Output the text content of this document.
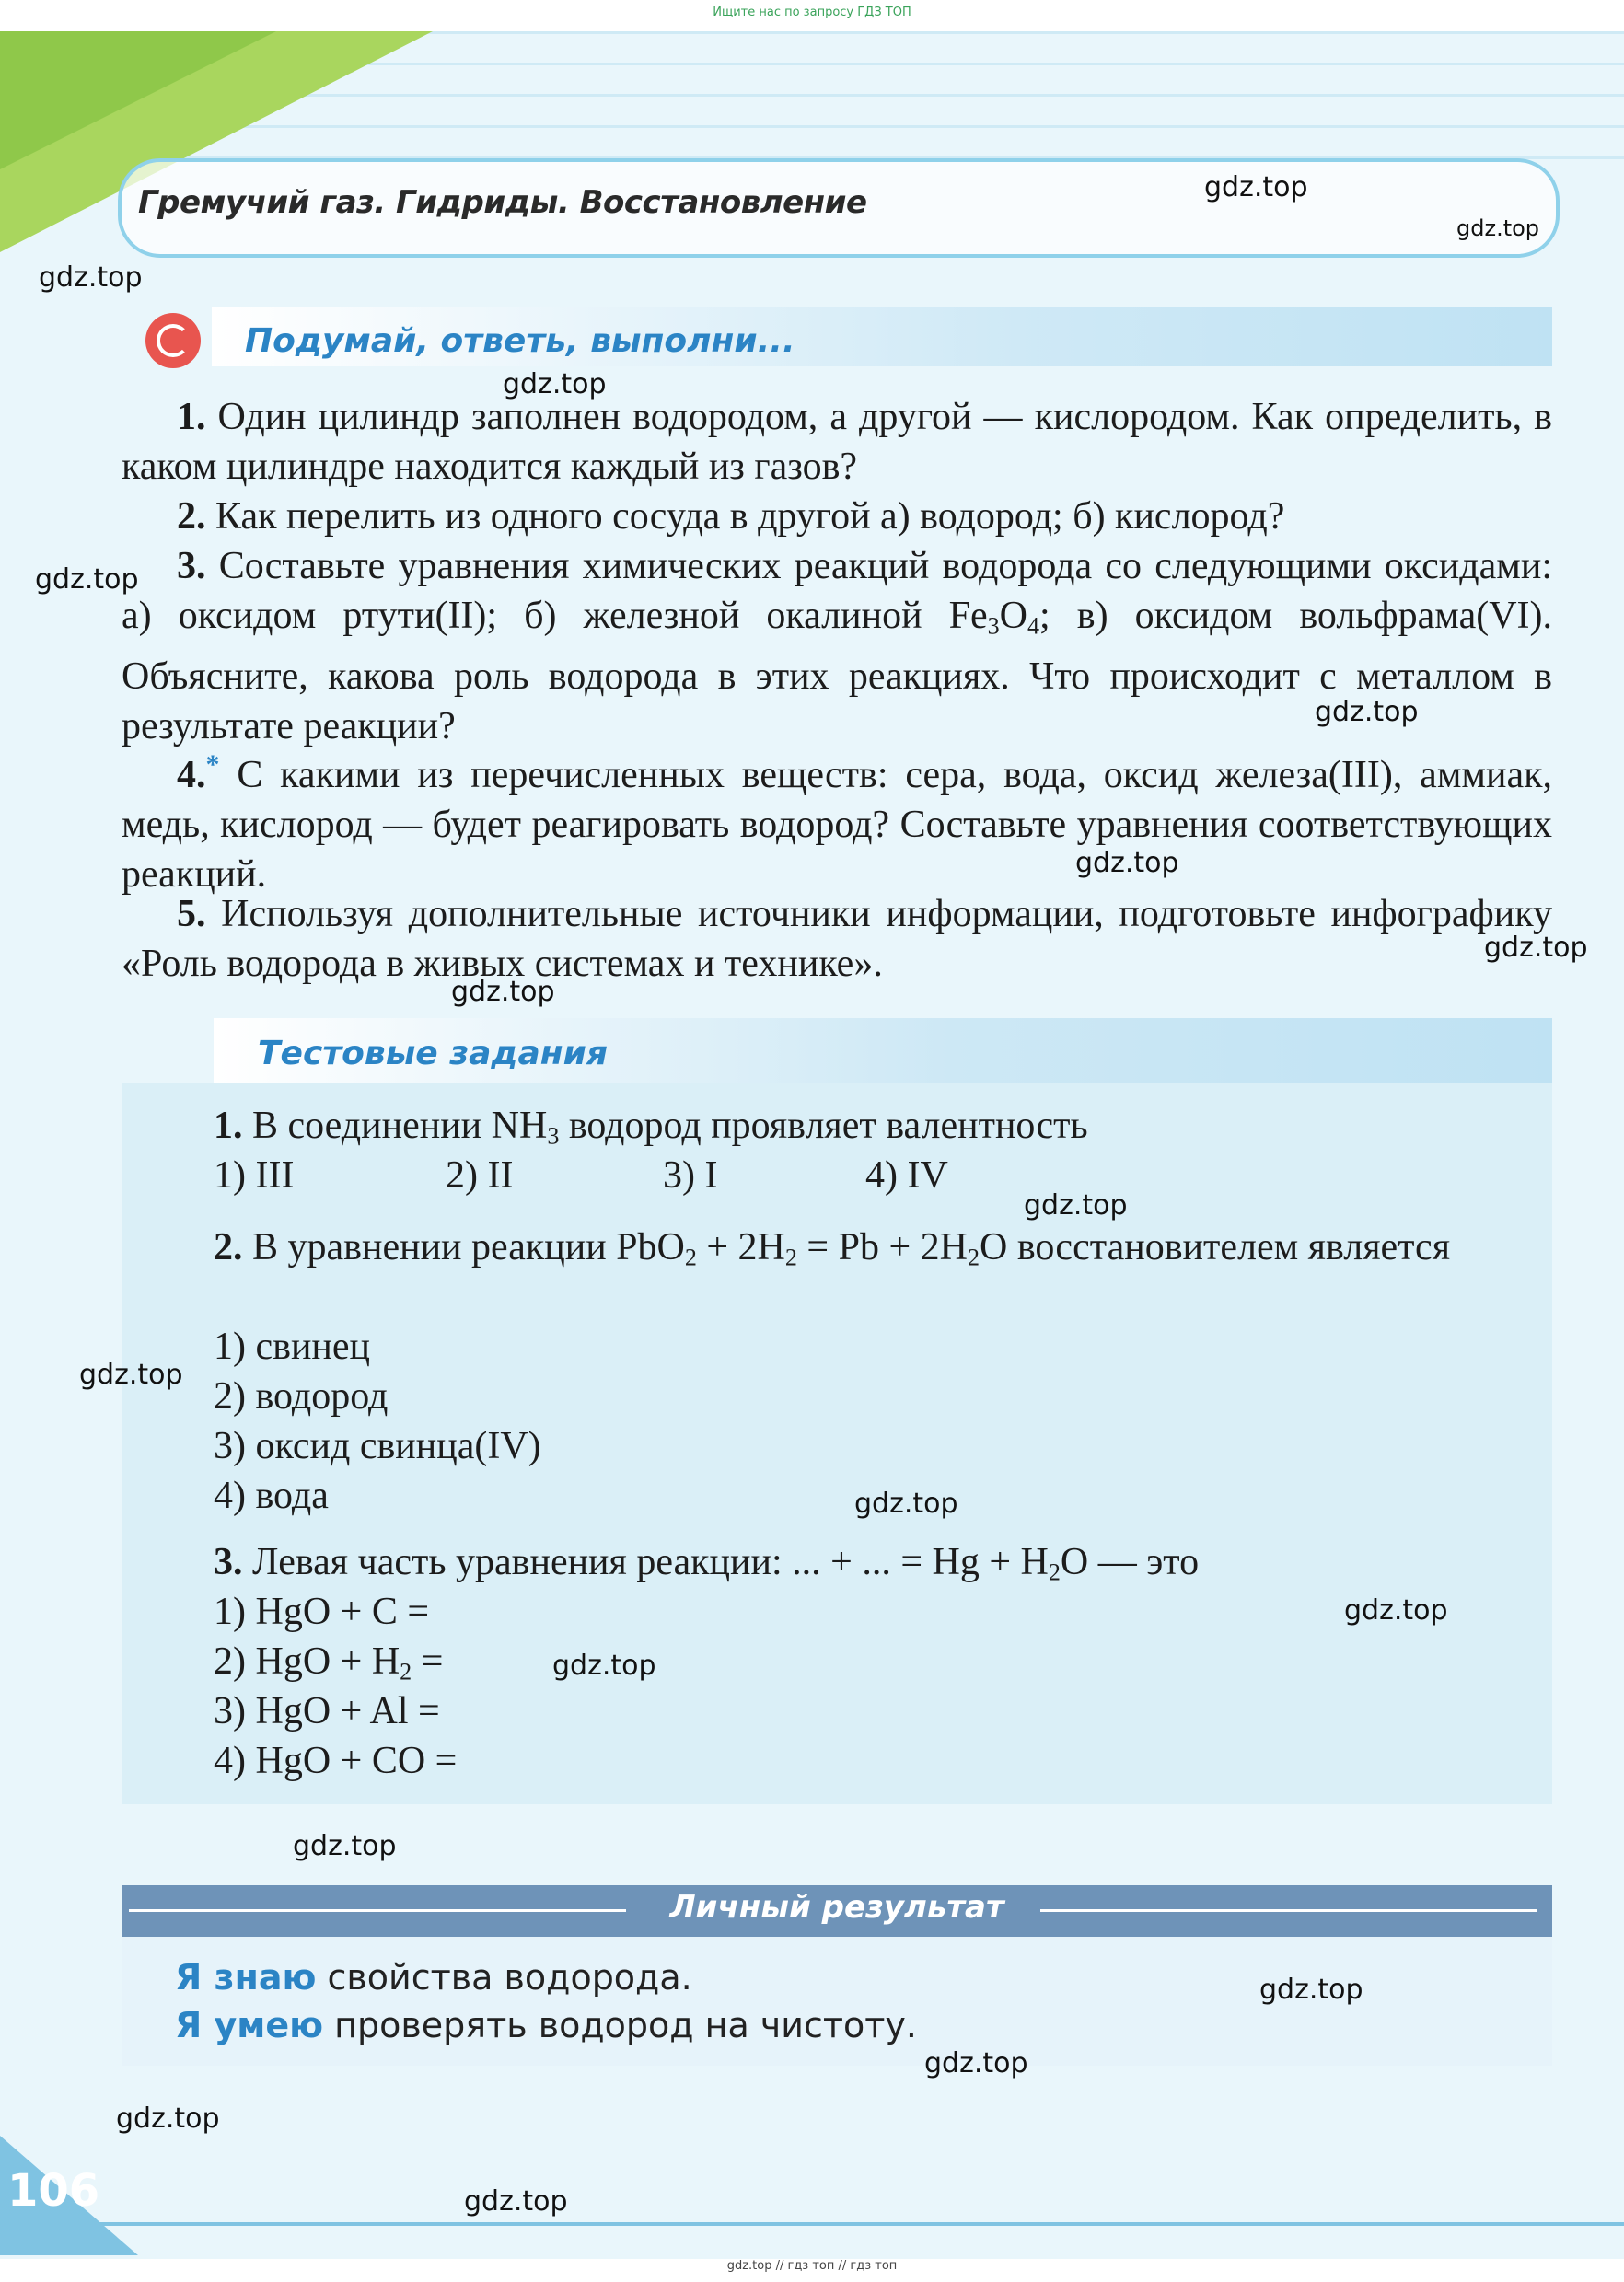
Ищите нас по запросу ГДЗ ТОП
Гремучий газ. Гидриды. Восстановление
Подумай, ответь, выполни...
1. Один цилиндр заполнен водородом, а другой — кислородом. Как определить, в каком цилиндре находится каждый из газов?
2. Как перелить из одного сосуда в другой а) водород; б) кислород?
3. Составьте уравнения химических реакций водорода со следующими оксидами: а) оксидом ртути(II); б) железной окалиной $Fe_3O_4$; в) оксидом вольфрама(VI). Объясните, какова роль водорода в этих реакциях. Что происходит с металлом в результате реакции?
4.* С какими из перечисленных веществ: сера, вода, оксид железа(III), аммиак, медь, кислород — будет реагировать водород? Составьте уравнения соответствующих реакций.
5. Используя дополнительные источники информации, подготовьте инфографику «Роль водорода в живых системах и технике».
Тестовые задания
1. В соединении $NH_3$ водород проявляет валентность
1) III	2) II	3) I	4) IV
2. В уравнении реакции $PbO_2 + 2H_2 = Pb + 2H_2O$ восстановителем является
1) свинец
2) водород
3) оксид свинца(IV)
4) вода
3. Левая часть уравнения реакции: ... + ... = $Hg + H_2O$ — это
1) HgO + C =
2) HgO + $H_2$ =
3) HgO + Al =
4) HgO + CO =
Личный результат
Я знаю свойства водорода.
Я умею проверять водород на чистоту.
106
gdz.top
gdz.top
gdz.top
gdz.top
gdz.top
gdz.top
gdz.top
gdz.top
gdz.top
gdz.top
gdz.top
gdz.top
gdz.top
gdz.top
gdz.top
gdz.top
gdz.top
gdz.top
gdz.top
gdz.top // гдз топ // гдз топ
